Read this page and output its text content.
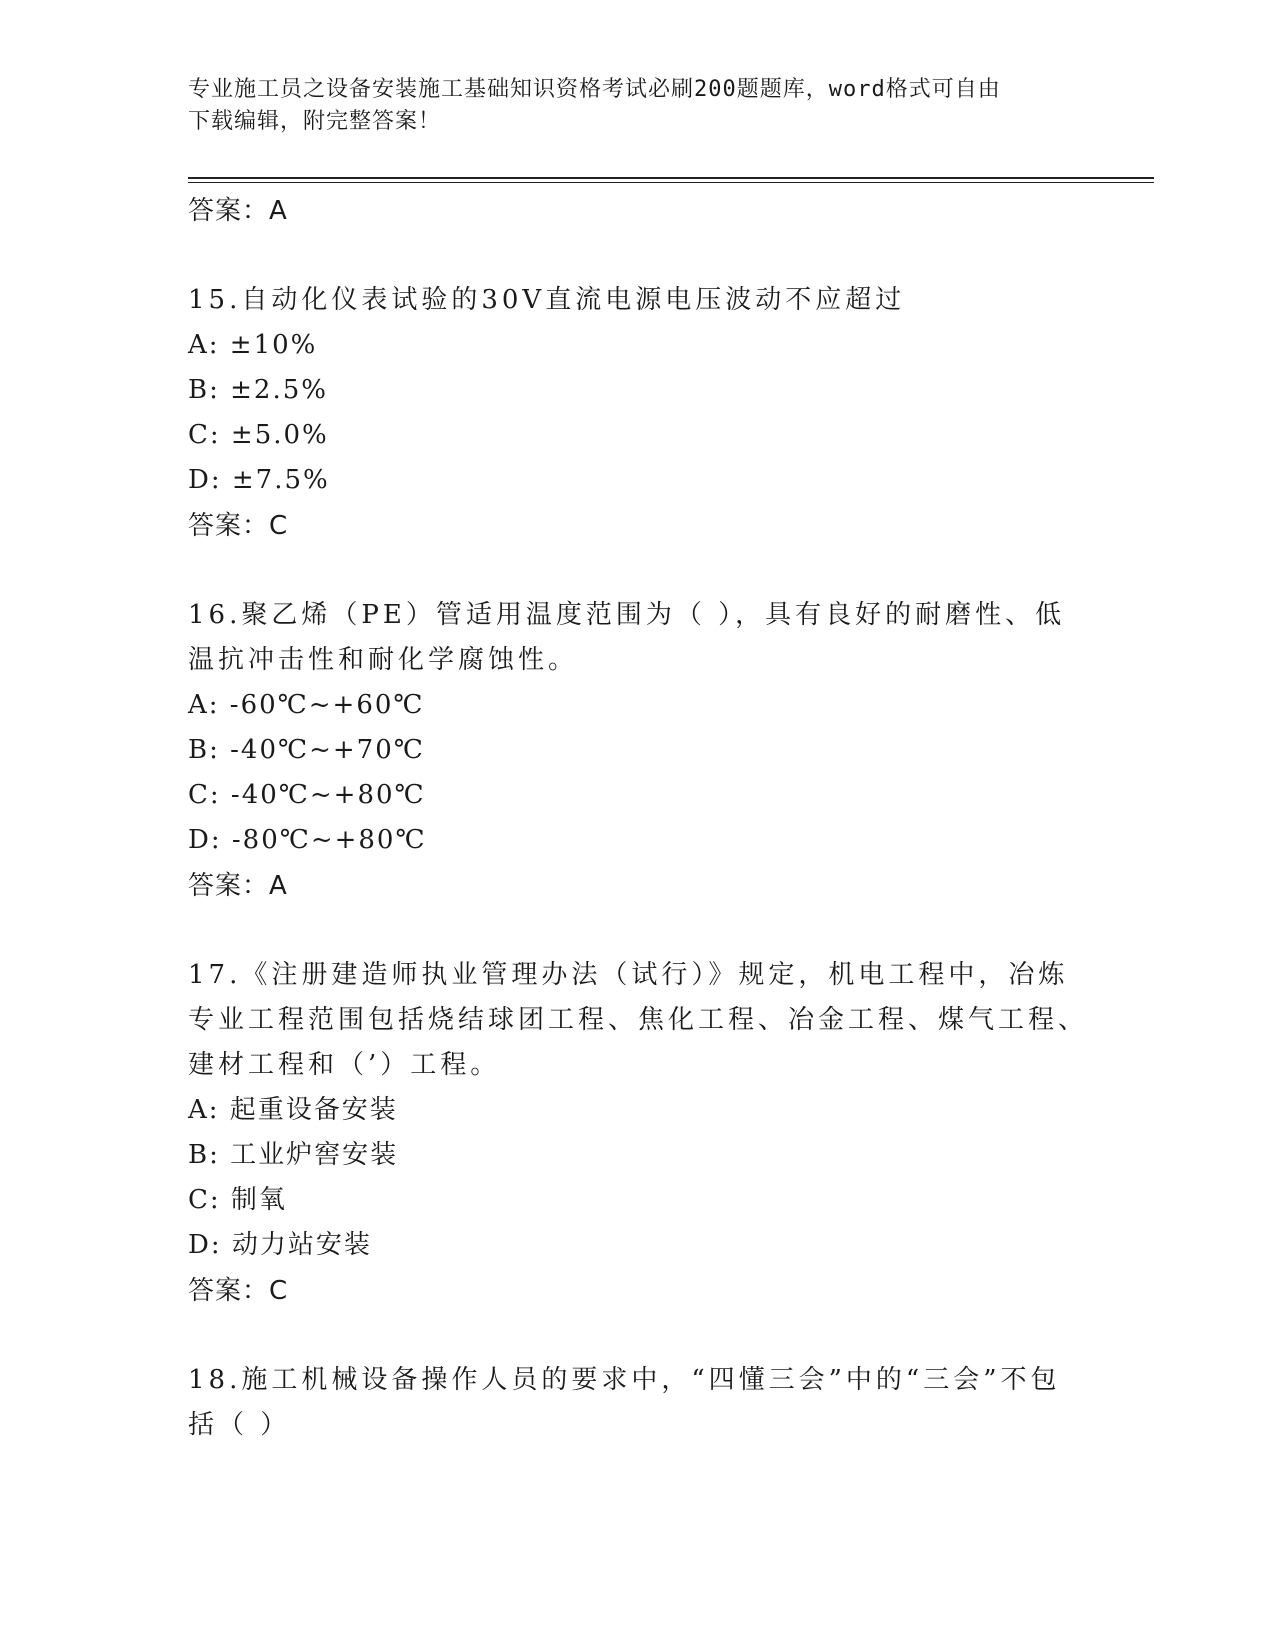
专业施工员之设备安装施工基础知识资格考试必刷200题题库，word格式可自由
下载编辑，附完整答案！
答案：A
15.自动化仪表试验的30V直流电源电压波动不应超过
A: ±10%
B: ±2.5%
C: ±5.0%
D: ±7.5%
答案：C
16.聚乙烯（PE）管适用温度范围为（ ），具有良好的耐磨性、低温抗冲击性和耐化学腐蚀性。
A: -60℃~+60℃
B: -40℃~+70℃
C: -40℃~+80℃
D: -80℃~+80℃
答案：A
17.《注册建造师执业管理办法（试行）》规定，机电工程中，冶炼专业工程范围包括烧结球团工程、焦化工程、冶金工程、煤气工程、建材工程和（’）工程。
A: 起重设备安装
B: 工业炉窖安装
C: 制氧
D: 动力站安装
答案：C
18.施工机械设备操作人员的要求中，“四懂三会”中的“三会”不包括（ ）
